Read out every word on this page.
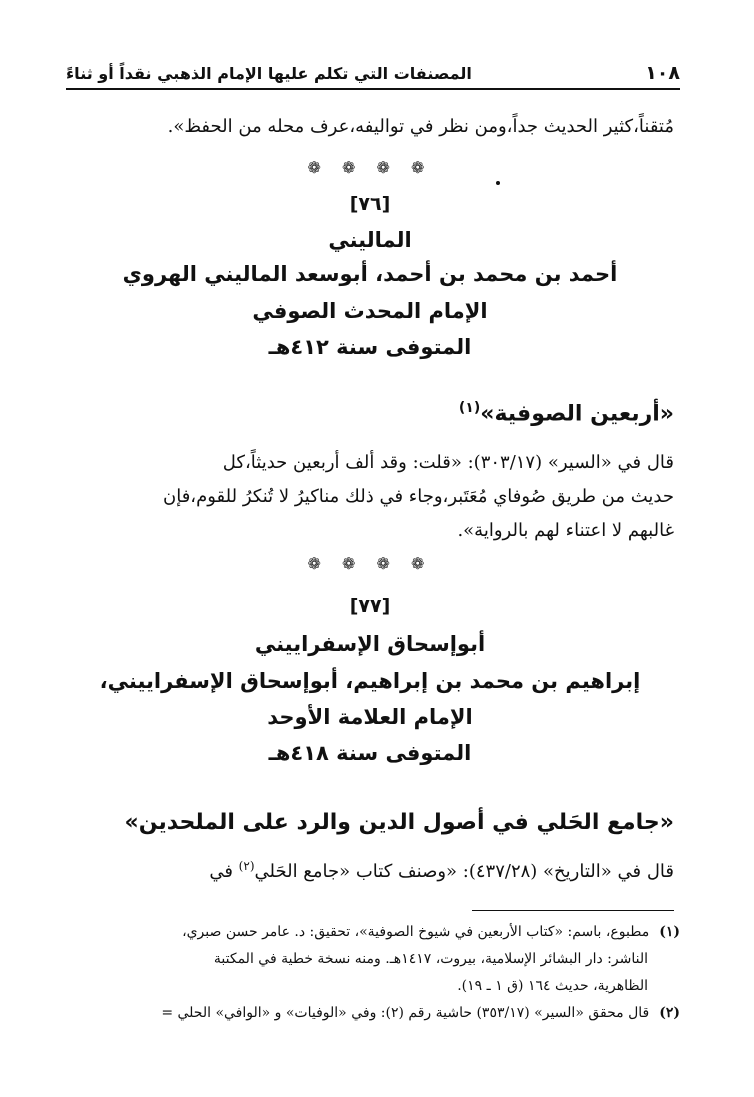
١٠٨
المصنفات التي تكلم عليها الإمام الذهبي نقداً أو ثناءً
مُتقناً،كثير الحديث جداً،ومن نظر في تواليفه،عرف محله من الحفظ».
❁ ❁ ❁ ❁
[٧٦]
الماليني
أحمد بن محمد بن أحمد، أبوسعد الماليني الهروي
الإمام المحدث الصوفي
المتوفى سنة ٤١٢هـ
«أربعين الصوفية»$^{(١)}$
قال في «السير» (٣٠٣/١٧): «قلت: وقد ألف أربعين حديثاً،كل
حديث من طريق صُوفاي مُعَتَبر،وجاء في ذلك مناكيرُ لا تُنكرُ للقوم،فإن
غالبهم لا اعتناء لهم بالرواية».
❁ ❁ ❁ ❁
[٧٧]
أبوإسحاق الإسفراييني
إبراهيم بن محمد بن إبراهيم، أبوإسحاق الإسفراييني،
الإمام العلامة الأوحد
المتوفى سنة ٤١٨هـ
«جامع الحَلي في أصول الدين والرد على الملحدين»
قال في «التاريخ» (٤٣٧/٢٨): «وصنف كتاب «جامع الحَلي$^{(٢)}$ في
(١)مطبوع، باسم: «كتاب الأربعين في شيوخ الصوفية»، تحقيق: د. عامر حسن صبري،
الناشر: دار البشائر الإسلامية، بيروت، ١٤١٧هـ. ومنه نسخة خطية في المكتبة
الظاهرية، حديث ١٦٤ (ق ١ ـ ١٩).
(٢)قال محقق «السير» (٣٥٣/١٧) حاشية رقم (٢): وفي «الوفيات» و «الوافي» الحلي =
